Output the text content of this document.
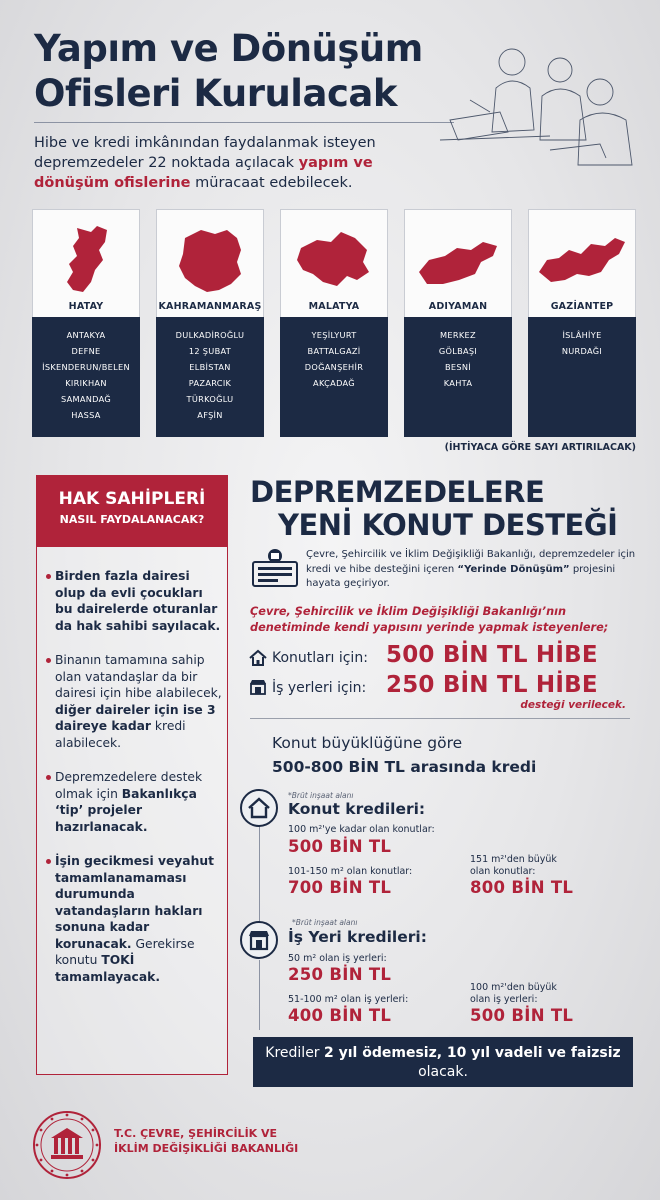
Yapım ve Dönüşüm
Ofisleri Kurulacak
Hibe ve kredi imkânından faydalanmak isteyen depremzedeler 22 noktada açılacak yapım ve dönüşüm ofislerine müracaat edebilecek.
HATAY
ANTAKYA
DEFNE
İSKENDERUN/BELEN
KIRIKHAN
SAMANDAĞ
HASSA
KAHRAMANMARAŞ
DULKADİROĞLU
12 ŞUBAT
ELBİSTAN
PAZARCIK
TÜRKOĞLU
AFŞİN
MALATYA
YEŞİLYURT
BATTALGAZİ
DOĞANŞEHİR
AKÇADAĞ
ADIYAMAN
MERKEZ
GÖLBAŞI
BESNİ
KAHTA
GAZİANTEP
İSLÂHİYE
NURDAĞI
(İHTİYACA GÖRE SAYI ARTIRILACAK)
HAK SAHİPLERİ
NASIL FAYDALANACAK?
Birden fazla dairesi olup da evli çocukları bu dairelerde oturanlar da hak sahibi sayılacak.
Binanın tamamına sahip olan vatandaşlar da bir dairesi için hibe alabilecek, diğer daireler için ise 3 daireye kadar kredi alabilecek.
Depremzedelere destek olmak için Bakanlıkça ‘tip’ projeler hazırlanacak.
İşin gecikmesi veyahut tamamlanamaması durumunda vatandaşların hakları sonuna kadar korunacak. Gerekirse konutu TOKİ tamamlayacak.
DEPREMZEDELERE
YENİ KONUT DESTEĞİ
Çevre, Şehircilik ve İklim Değişikliği Bakanlığı, depremzedeler için kredi ve hibe desteğini içeren “Yerinde Dönüşüm” projesini hayata geçiriyor.
Çevre, Şehircilik ve İklim Değişikliği Bakanlığı’nın denetiminde kendi yapısını yerinde yapmak isteyenlere;
Konutları için: 500 BİN TL HİBE
İş yerleri için: 250 BİN TL HİBE
desteği verilecek.
Konut büyüklüğüne göre
500-800 BİN TL arasında kredi
*Brüt inşaat alanı
Konut kredileri:
100 m²'ye kadar olan konutlar:
500 BİN TL
101-150 m² olan konutlar:
700 BİN TL
151 m²'den büyük
olan konutlar:
800 BİN TL
*Brüt inşaat alanı
İş Yeri kredileri:
50 m² olan iş yerleri:
250 BİN TL
51-100 m² olan iş yerleri:
400 BİN TL
100 m²'den büyük
olan iş yerleri:
500 BİN TL
Krediler 2 yıl ödemesiz, 10 yıl vadeli ve faizsiz olacak.
T.C. ÇEVRE, ŞEHİRCİLİK VE
İKLİM DEĞİŞİKLİĞİ BAKANLIĞI
